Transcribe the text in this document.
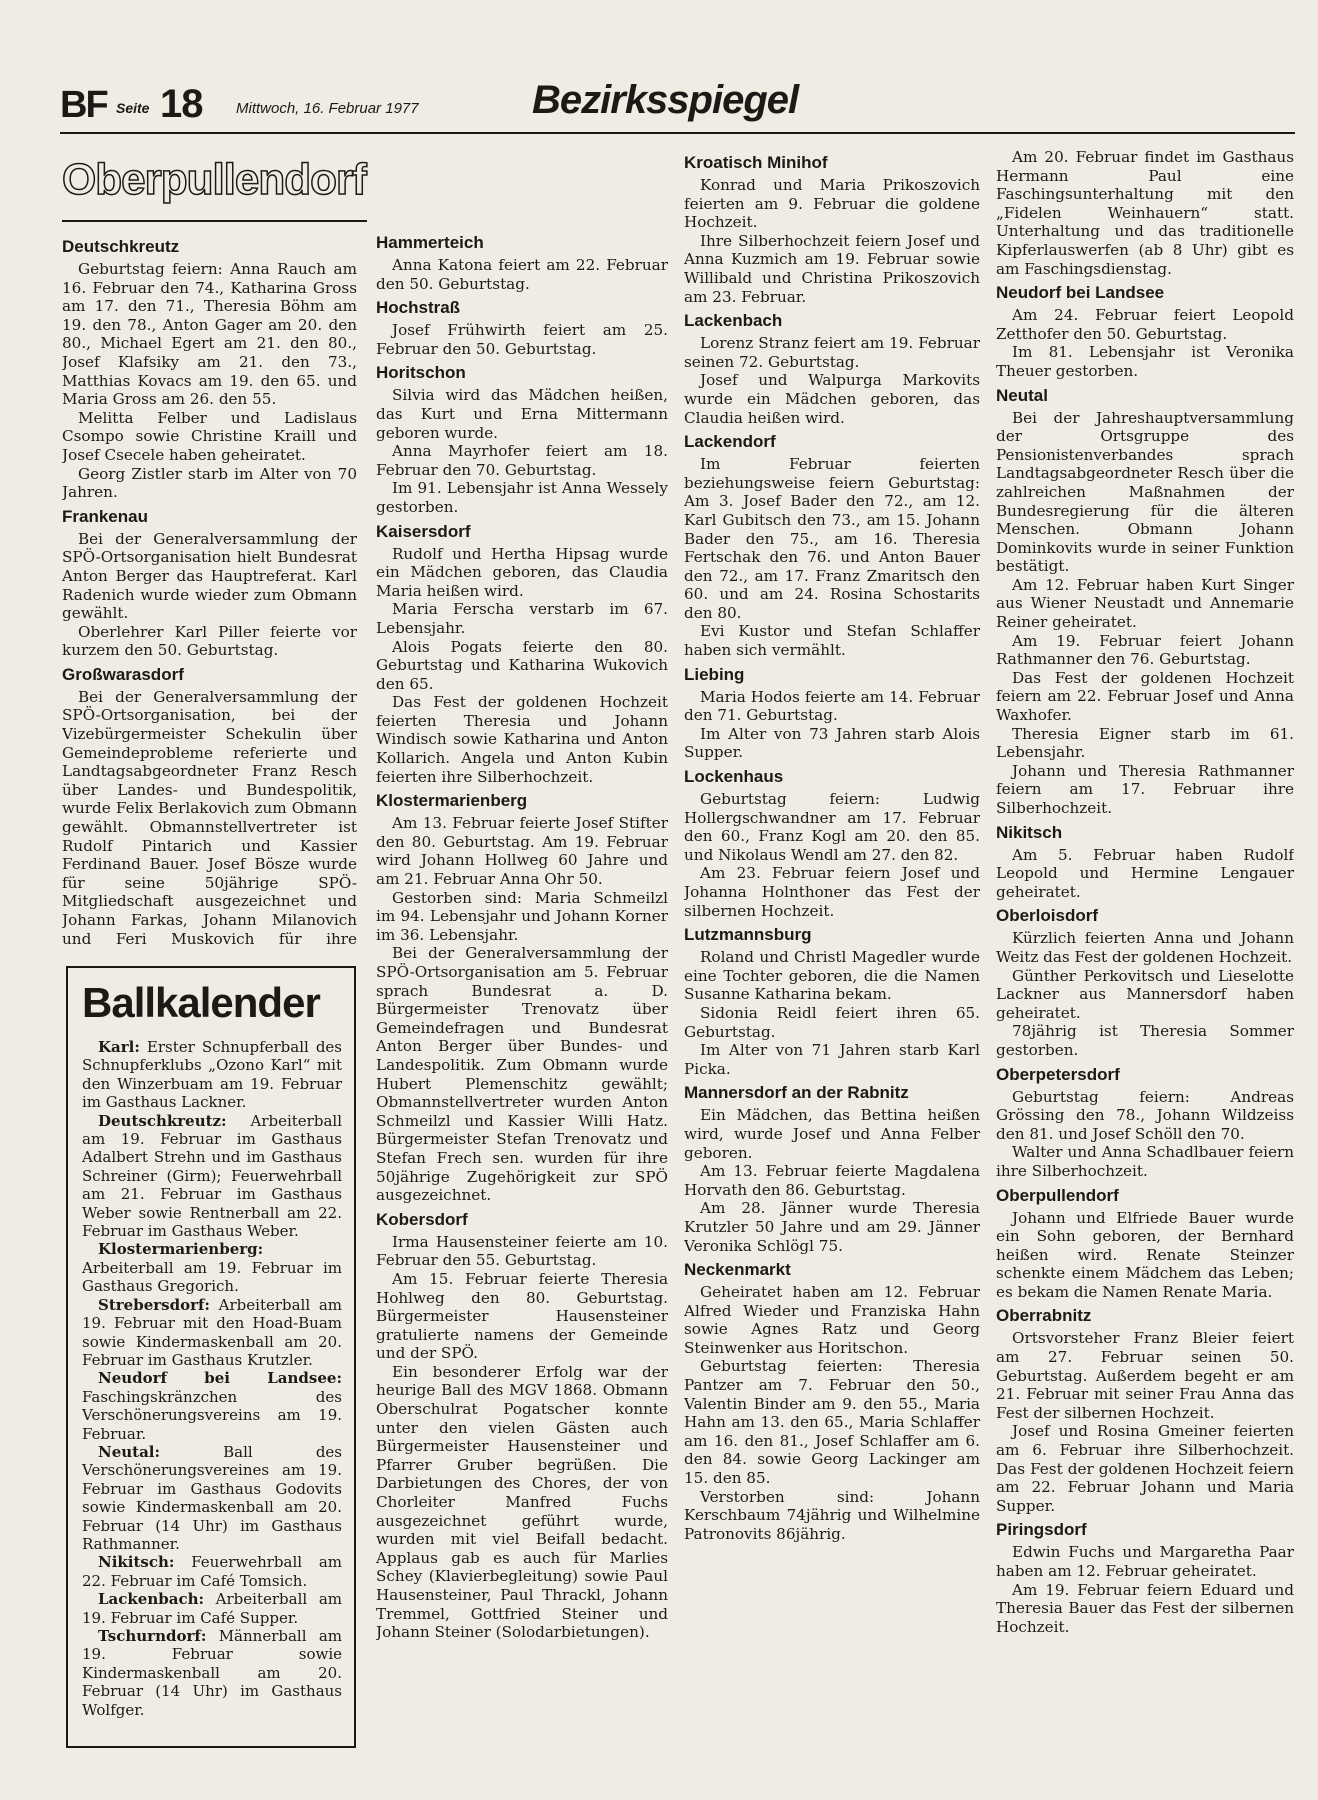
BF Seite 18 Mittwoch, 16. Februar 1977	Bezirksspiegel
Oberpullendorf
Deutschkreutz

Geburtstag feiern: Anna Rauch am 16. Februar den 74., Katharina Gross am 17. den 71., Theresia Böhm am 19. den 78., Anton Gager am 20. den 80., Michael Egert am 21. den 80., Josef Klafsiky am 21. den 73., Matthias Kovacs am 19. den 65. und Maria Gross am 26. den 55.

Melitta Felber und Ladislaus Csompo sowie Christine Kraill und Josef Csecele haben geheiratet.

Georg Zistler starb im Alter von 70 Jahren.

Frankenau

Bei der Generalversammlung der SPÖ-Ortsorganisation hielt Bundesrat Anton Berger das Hauptreferat. Karl Radenich wurde wieder zum Obmann gewählt.

Oberlehrer Karl Piller feierte vor kurzem den 50. Geburtstag.

Großwarasdorf

Bei der Generalversammlung der SPÖ-Ortsorganisation, bei der Vizebürgermeister Schekulin über Gemeindeprobleme referierte und Landtagsabgeordneter Franz Resch über Landes- und Bundespolitik, wurde Felix Berlakovich zum Obmann gewählt. Obmannstellvertreter ist Rudolf Pintarich und Kassier Ferdinand Bauer. Josef Bösze wurde für seine 50jährige SPÖ-Mitgliedschaft ausgezeichnet und Johann Farkas, Johann Milanovich und Feri Muskovich für ihre

Hammerteich

Anna Katona feiert am 22. Februar den 50. Geburtstag.

Hochstraß

Josef Frühwirth feiert am 25. Februar den 50. Geburtstag.

Horitschon

Silvia wird das Mädchen heißen, das Kurt und Erna Mittermann geboren wurde.

Anna Mayrhofer feiert am 18. Februar den 70. Geburtstag.

Im 91. Lebensjahr ist Anna Wessely gestorben.

Kaisersdorf

Rudolf und Hertha Hipsag wurde ein Mädchen geboren, das Claudia Maria heißen wird.

Maria Ferscha verstarb im 67. Lebensjahr.

Alois Pogats feierte den 80. Geburtstag und Katharina Wukovich den 65.

Das Fest der goldenen Hochzeit feierten Theresia und Johann Windisch sowie Katharina und Anton Kollarich. Angela und Anton Kubin feierten ihre Silberhochzeit.

Klostermarienberg

Am 13. Februar feierte Josef Stifter den 80. Geburtstag. Am 19. Februar wird Johann Hollweg 60 Jahre und am 21. Februar Anna Ohr 50.

Gestorben sind: Maria Schmeilzl im 94. Lebensjahr und Johann Korner im 36. Lebensjahr.

Bei der Generalversammlung der SPÖ-Ortsorganisation am 5. Februar sprach Bundesrat a. D. Bürgermeister Trenovatz über Gemeindefragen und Bundesrat Anton Berger über Bundes- und Landespolitik. Zum Obmann wurde Hubert Plemenschitz gewählt; Obmannstellvertreter wurden Anton Schmeilzl und Kassier Willi Hatz. Bürgermeister Stefan Trenovatz und Stefan Frech sen. wurden für ihre 50jährige Zugehörigkeit zur SPÖ ausgezeichnet.

Kobersdorf

Irma Hausensteiner feierte am 10. Februar den 55. Geburtstag.

Am 15. Februar feierte Theresia Hohlweg den 80. Geburtstag. Bürgermeister Hausensteiner gratulierte namens der Gemeinde und der SPÖ.

Ein besonderer Erfolg war der heurige Ball des MGV 1868. Obmann Oberschulrat Pogatscher konnte unter den vielen Gästen auch Bürgermeister Hausensteiner und Pfarrer Gruber begrüßen. Die Darbietungen des Chores, der von Chorleiter Manfred Fuchs ausgezeichnet geführt wurde, wurden mit viel Beifall bedacht. Applaus gab es auch für Marlies Schey (Klavierbegleitung) sowie Paul Hausensteiner, Paul Thrackl, Johann Tremmel, Gottfried Steiner und Johann Steiner (Solodarbietungen).

Kroatisch Minihof

Konrad und Maria Prikoszovich feierten am 9. Februar die goldene Hochzeit.

Ihre Silberhochzeit feiern Josef und Anna Kuzmich am 19. Februar sowie Willibald und Christina Prikoszovich am 23. Februar.

Lackenbach

Lorenz Stranz feiert am 19. Februar seinen 72. Geburtstag.

Josef und Walpurga Markovits wurde ein Mädchen geboren, das Claudia heißen wird.

Lackendorf

Im Februar feierten beziehungsweise feiern Geburtstag: Am 3. Josef Bader den 72., am 12. Karl Gubitsch den 73., am 15. Johann Bader den 75., am 16. Theresia Fertschak den 76. und Anton Bauer den 72., am 17. Franz Zmaritsch den 60. und am 24. Rosina Schostarits den 80.

Evi Kustor und Stefan Schlaffer haben sich vermählt.

Liebing

Maria Hodos feierte am 14. Februar den 71. Geburtstag.

Im Alter von 73 Jahren starb Alois Supper.

Lockenhaus

Geburtstag feiern: Ludwig Hollergschwandner am 17. Februar den 60., Franz Kogl am 20. den 85. und Nikolaus Wendl am 27. den 82.

Am 23. Februar feiern Josef und Johanna Holnthoner das Fest der silbernen Hochzeit.

Lutzmannsburg

Roland und Christl Magedler wurde eine Tochter geboren, die die Namen Susanne Katharina bekam.

Sidonia Reidl feiert ihren 65. Geburtstag.

Im Alter von 71 Jahren starb Karl Picka.

Mannersdorf an der Rabnitz

Ein Mädchen, das Bettina heißen wird, wurde Josef und Anna Felber geboren.

Am 13. Februar feierte Magdalena Horvath den 86. Geburtstag.

Am 28. Jänner wurde Theresia Krutzler 50 Jahre und am 29. Jänner Veronika Schlögl 75.

Neckenmarkt

Geheiratet haben am 12. Februar Alfred Wieder und Franziska Hahn sowie Agnes Ratz und Georg Steinwenker aus Horitschon.

Geburtstag feierten: Theresia Pantzer am 7. Februar den 50., Valentin Binder am 9. den 55., Maria Hahn am 13. den 65., Maria Schlaffer am 16. den 81., Josef Schlaffer am 6. den 84. sowie Georg Lackinger am 15. den 85.

Verstorben sind: Johann Kerschbaum 74jährig und Wilhelmine Patronovits 86jährig.

Am 20. Februar findet im Gasthaus Hermann Paul eine Faschingsunterhaltung mit den „Fidelen Weinhauern“ statt. Unterhaltung und das traditionelle Kipferlauswerfen (ab 8 Uhr) gibt es am Faschingsdienstag.

Neudorf bei Landsee

Am 24. Februar feiert Leopold Zetthofer den 50. Geburtstag.

Im 81. Lebensjahr ist Veronika Theuer gestorben.

Neutal

Bei der Jahreshauptversammlung der Ortsgruppe des Pensionistenverbandes sprach Landtagsabgeordneter Resch über die zahlreichen Maßnahmen der Bundesregierung für die älteren Menschen. Obmann Johann Dominkovits wurde in seiner Funktion bestätigt.

Am 12. Februar haben Kurt Singer aus Wiener Neustadt und Annemarie Reiner geheiratet.

Am 19. Februar feiert Johann Rathmanner den 76. Geburtstag.

Das Fest der goldenen Hochzeit feiern am 22. Februar Josef und Anna Waxhofer.

Theresia Eigner starb im 61. Lebensjahr.

Johann und Theresia Rathmanner feiern am 17. Februar ihre Silberhochzeit.

Nikitsch

Am 5. Februar haben Rudolf Leopold und Hermine Lengauer geheiratet.

Oberloisdorf

Kürzlich feierten Anna und Johann Weitz das Fest der goldenen Hochzeit.

Günther Perkovitsch und Lieselotte Lackner aus Mannersdorf haben geheiratet.

78jährig ist Theresia Sommer gestorben.

Oberpetersdorf

Geburtstag feiern: Andreas Grössing den 78., Johann Wildzeiss den 81. und Josef Schöll den 70.

Walter und Anna Schadlbauer feiern ihre Silberhochzeit.

Oberpullendorf

Johann und Elfriede Bauer wurde ein Sohn geboren, der Bernhard heißen wird. Renate Steinzer schenkte einem Mädchem das Leben; es bekam die Namen Renate Maria.

Oberrabnitz

Ortsvorsteher Franz Bleier feiert am 27. Februar seinen 50. Geburtstag. Außerdem begeht er am 21. Februar mit seiner Frau Anna das Fest der silbernen Hochzeit.

Josef und Rosina Gmeiner feierten am 6. Februar ihre Silberhochzeit. Das Fest der goldenen Hochzeit feiern am 22. Februar Johann und Maria Supper.

Piringsdorf

Edwin Fuchs und Margaretha Paar haben am 12. Februar geheiratet.

Am 19. Februar feiern Eduard und Theresia Bauer das Fest der silbernen Hochzeit.

Ballkalender

Karl: Erster Schnupferball des Schnupferklubs „Ozono Karl“ mit den Winzerbuam am 19. Februar im Gasthaus Lackner.

Deutschkreutz: Arbeiterball am 19. Februar im Gasthaus Adalbert Strehn und im Gasthaus Schreiner (Girm); Feuerwehrball am 21. Februar im Gasthaus Weber sowie Rentnerball am 22. Februar im Gasthaus Weber.

Klostermarienberg: Arbeiterball am 19. Februar im Gasthaus Gregorich.

Strebersdorf: Arbeiterball am 19. Februar mit den Hoad-Buam sowie Kindermaskenball am 20. Februar im Gasthaus Krutzler.

Neudorf bei Landsee: Faschingskränzchen des Verschönerungsvereins am 19. Februar.

Neutal: Ball des Verschönerungsvereines am 19. Februar im Gasthaus Godovits sowie Kindermaskenball am 20. Februar (14 Uhr) im Gasthaus Rathmanner.

Nikitsch: Feuerwehrball am 22. Februar im Café Tomsich.

Lackenbach: Arbeiterball am 19. Februar im Café Supper.

Tschurndorf: Männerball am 19. Februar sowie Kindermaskenball am 20. Februar (14 Uhr) im Gasthaus Wolfger.
